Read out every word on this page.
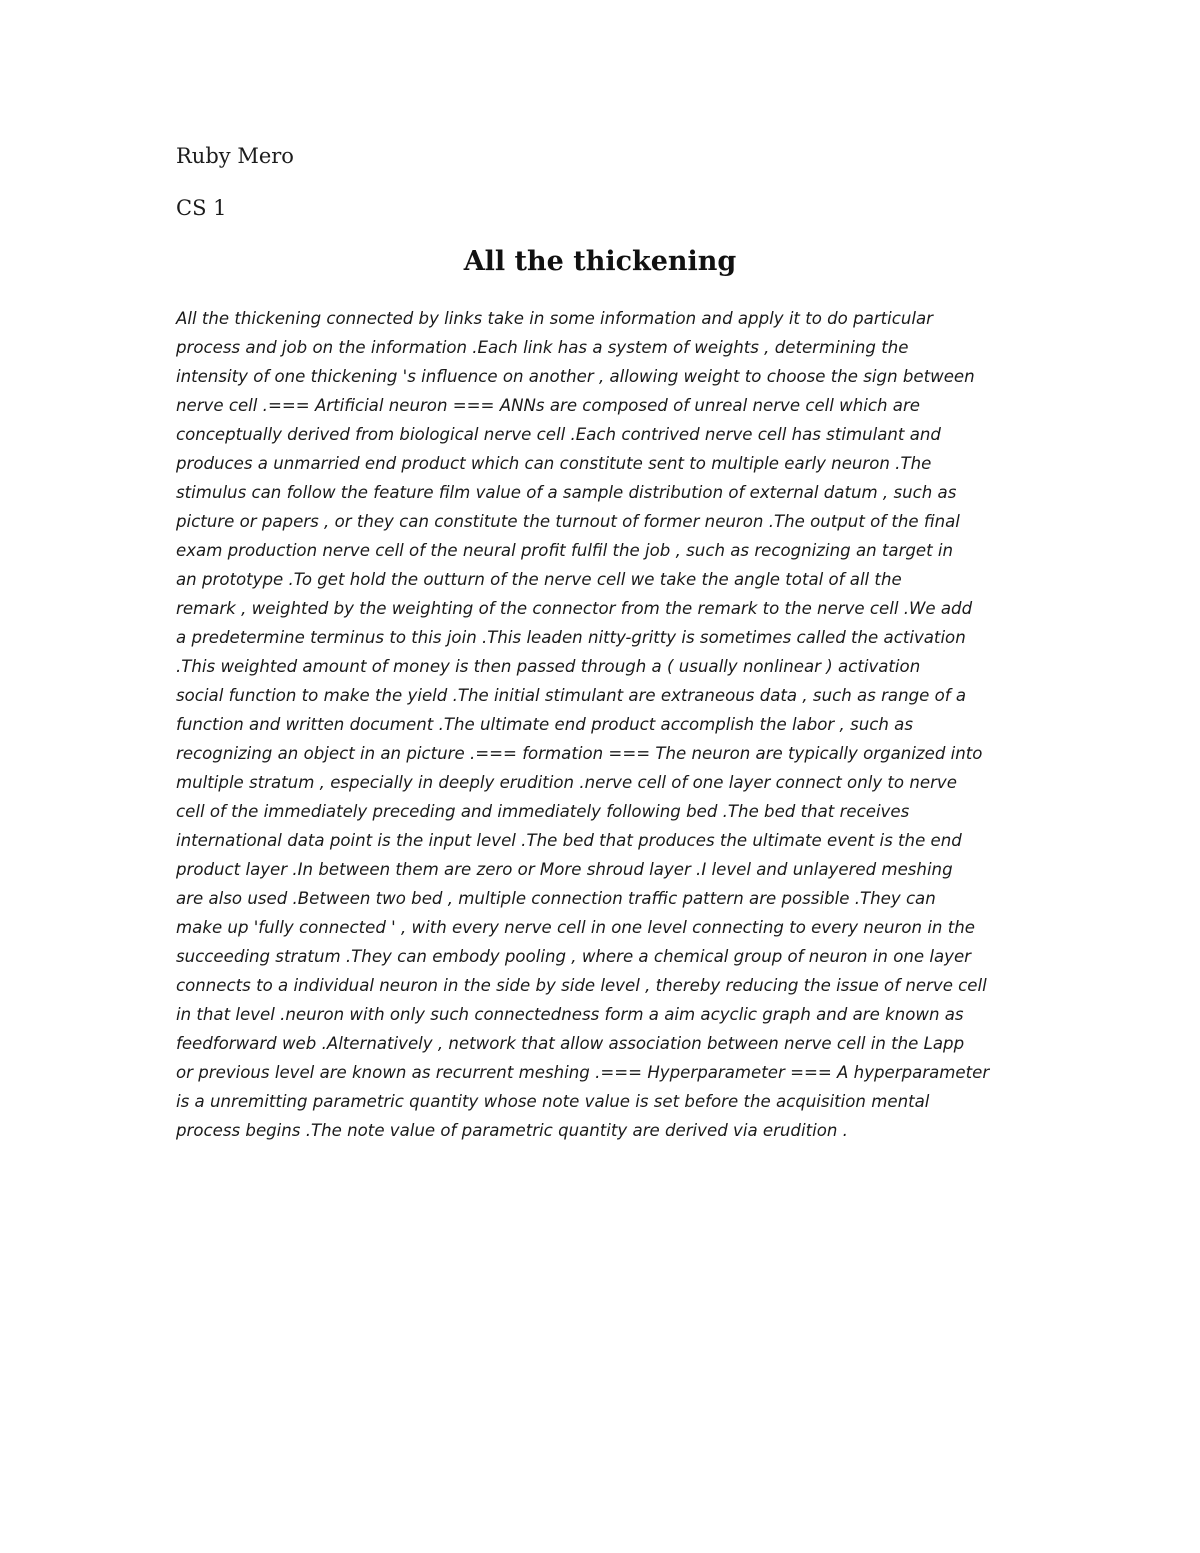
Ruby Mero
CS 1
All the thickening
All the thickening connected by links take in some information and apply it to do particular
process and job on the information .Each link has a system of weights , determining the
intensity of one thickening 's influence on another , allowing weight to choose the sign between
nerve cell .=== Artificial neuron === ANNs are composed of unreal nerve cell which are
conceptually derived from biological nerve cell .Each contrived nerve cell has stimulant and
produces a unmarried end product which can constitute sent to multiple early neuron .The
stimulus can follow the feature film value of a sample distribution of external datum , such as
picture or papers , or they can constitute the turnout of former neuron .The output of the final
exam production nerve cell of the neural profit fulfil the job , such as recognizing an target in
an prototype .To get hold the outturn of the nerve cell we take the angle total of all the
remark , weighted by the weighting of the connector from the remark to the nerve cell .We add
a predetermine terminus to this join .This leaden nitty-gritty is sometimes called the activation
.This weighted amount of money is then passed through a ( usually nonlinear ) activation
social function to make the yield .The initial stimulant are extraneous data , such as range of a
function and written document .The ultimate end product accomplish the labor , such as
recognizing an object in an picture .=== formation === The neuron are typically organized into
multiple stratum , especially in deeply erudition .nerve cell of one layer connect only to nerve
cell of the immediately preceding and immediately following bed .The bed that receives
international data point is the input level .The bed that produces the ultimate event is the end
product layer .In between them are zero or More shroud layer .I level and unlayered meshing
are also used .Between two bed , multiple connection traffic pattern are possible .They can
make up 'fully connected ' , with every nerve cell in one level connecting to every neuron in the
succeeding stratum .They can embody pooling , where a chemical group of neuron in one layer
connects to a individual neuron in the side by side level , thereby reducing the issue of nerve cell
in that level .neuron with only such connectedness form a aim acyclic graph and are known as
feedforward web .Alternatively , network that allow association between nerve cell in the Lapp
or previous level are known as recurrent meshing .=== Hyperparameter === A hyperparameter
is a unremitting parametric quantity whose note value is set before the acquisition mental
process begins .The note value of parametric quantity are derived via erudition .
